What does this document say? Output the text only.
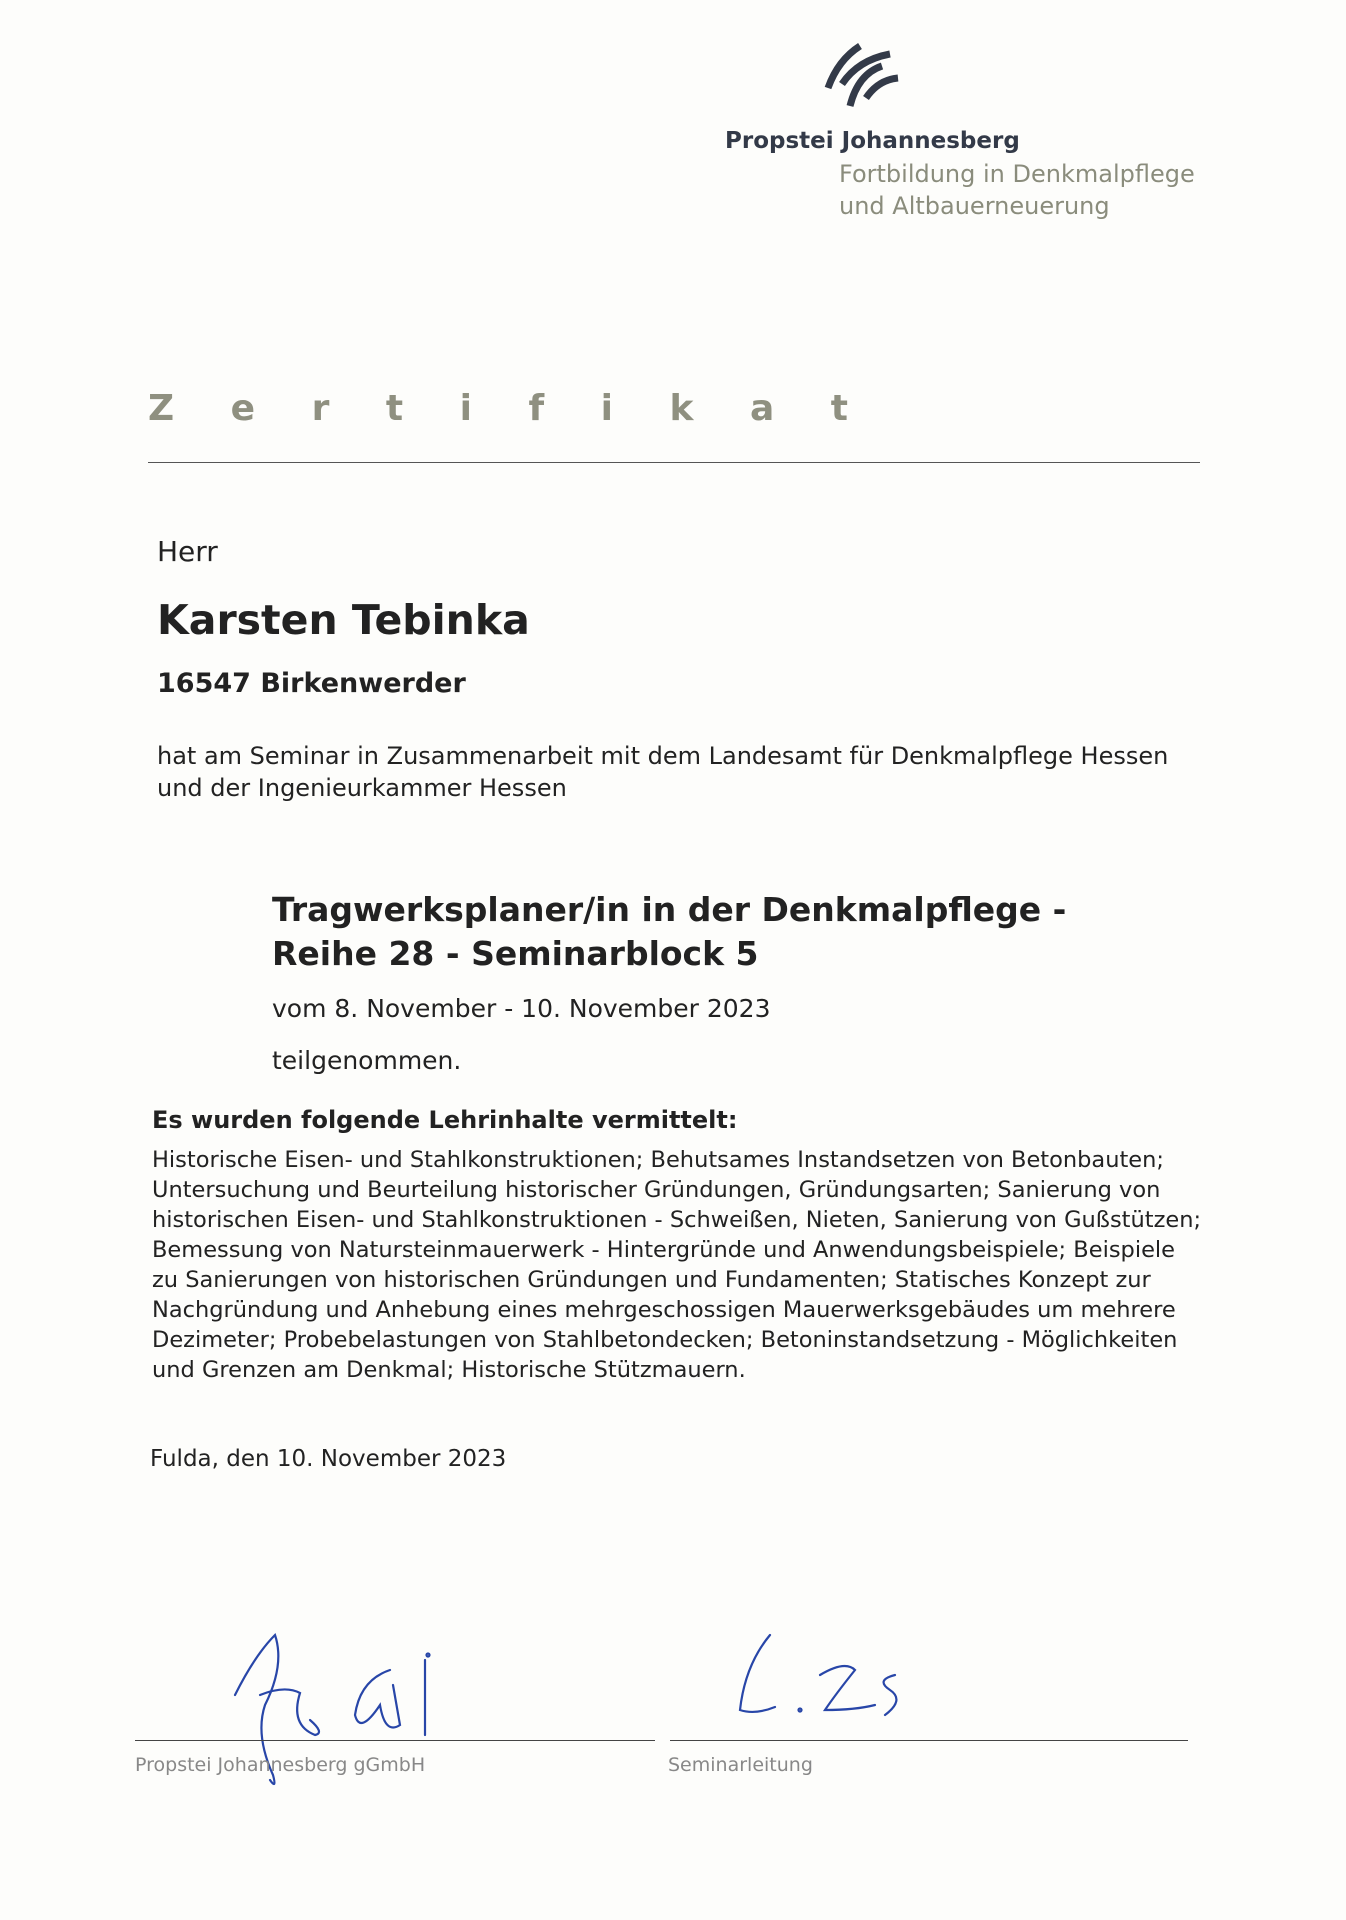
Propstei Johannesberg
Fortbildung in Denkmalpflege
und Altbauerneuerung
Z e r t i f i k a t
Herr
Karsten Tebinka
16547 Birkenwerder
hat am Seminar in Zusammenarbeit mit dem Landesamt für Denkmalpflege Hessen
und der Ingenieurkammer Hessen
Tragwerksplaner/in in der Denkmalpflege -
Reihe 28 - Seminarblock 5
vom 8. November - 10. November 2023
teilgenommen.
Es wurden folgende Lehrinhalte vermittelt:
Historische Eisen- und Stahlkonstruktionen; Behutsames Instandsetzen von Betonbauten; Untersuchung und Beurteilung historischer Gründungen, Gründungsarten; Sanierung von historischen Eisen- und Stahlkonstruktionen - Schweißen, Nieten, Sanierung von Gußstützen; Bemessung von Natursteinmauerwerk - Hintergründe und Anwendungsbeispiele; Beispiele zu Sanierungen von historischen Gründungen und Fundamenten; Statisches Konzept zur Nachgründung und Anhebung eines mehrgeschossigen Mauerwerksgebäudes um mehrere Dezimeter; Probebelastungen von Stahlbetondecken; Betoninstandsetzung - Möglichkeiten und Grenzen am Denkmal; Historische Stützmauern.
Fulda, den 10. November 2023
Propstei Johannesberg gGmbH	Seminarleitung
